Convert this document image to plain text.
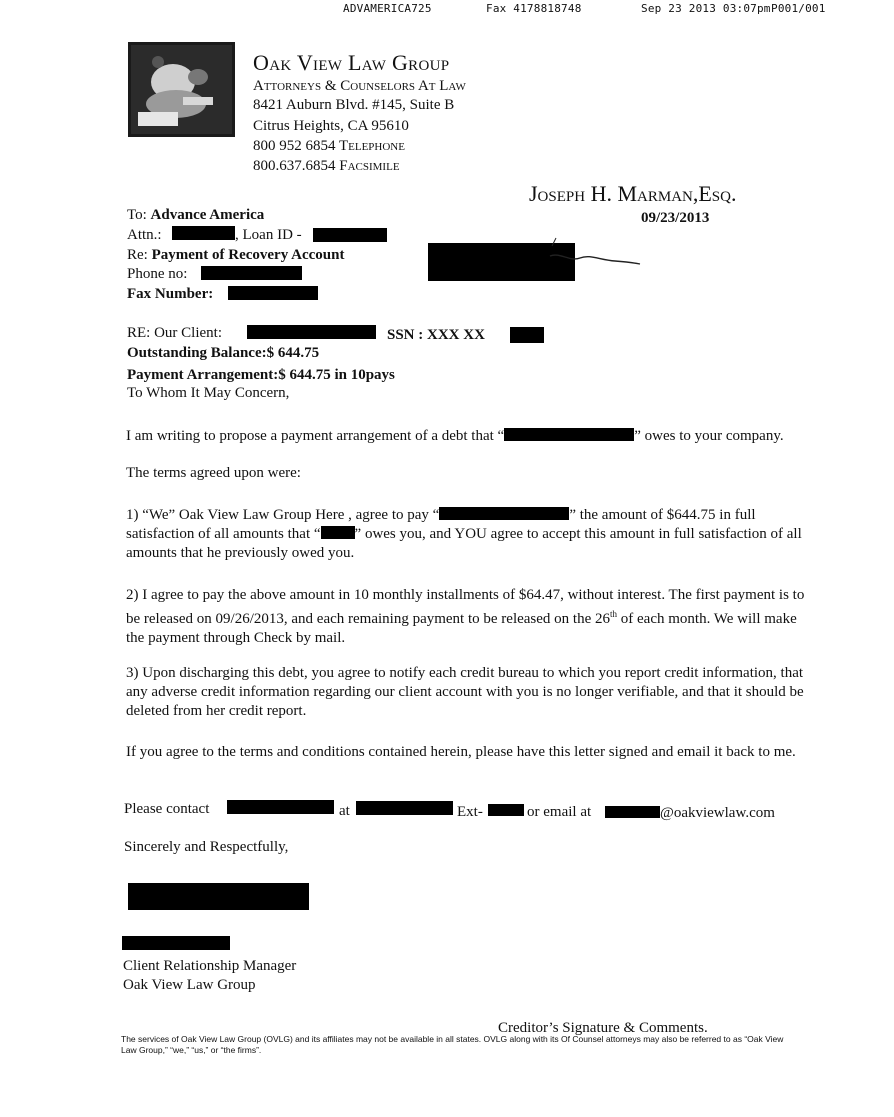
ADVAMERICA725	Fax 4178818748	Sep 23 2013 03:07pm P001/001
Oak View Law Group
Attorneys & Counselors At Law
8421 Auburn Blvd. #145, Suite B
Citrus Heights, CA 95610
800 952 6854 Telephone
800.637.6854 Facsimile
Joseph H. Marman,Esq.
09/23/2013
To: Advance America
Attn.:	, Loan ID -
Re: Payment of Recovery Account
Phone no:
Fax Number:
RE: Our Client:	SSN : XXX XX
Outstanding Balance:$ 644.75
Payment Arrangement:$ 644.75 in 10pays
To Whom It May Concern,
I am writing to propose a payment arrangement of a debt that “	” owes to your company.
The terms agreed upon were:
1) “We” Oak View Law Group Here , agree to pay “	” the amount of $644.75 in full satisfaction of all amounts that “ ” owes you, and YOU agree to accept this amount in full satisfaction of all amounts that he previously owed you.
2) I agree to pay the above amount in 10 monthly installments of $64.47, without interest. The first payment is to be released on 09/26/2013, and each remaining payment to be released on the 26th of each month. We will make the payment through Check by mail.
3) Upon discharging this debt, you agree to notify each credit bureau to which you report credit information, that any adverse credit information regarding our client account with you is no longer verifiable, and that it should be deleted from her credit report.
If you agree to the terms and conditions contained herein, please have this letter signed and email it back to me.
Please contact	at	Ext-	or email at	@oakviewlaw.com
Sincerely and Respectfully,
Client Relationship Manager
Oak View Law Group
Creditor’s Signature & Comments.
The services of Oak View Law Group (OVLG) and its affiliates may not be available in all states. OVLG along with its Of Counsel attorneys may also be referred to as “Oak View Law Group,” “we,” “us,” or “the firms”.
